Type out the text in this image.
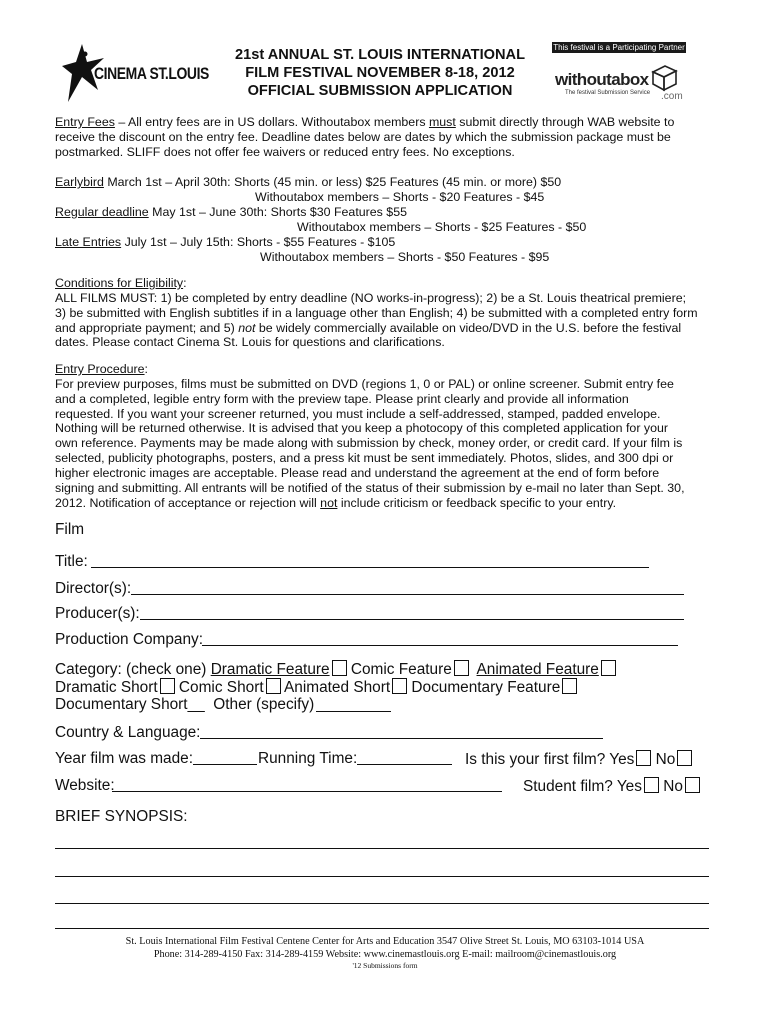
CINEMA ST.LOUIS
21st ANNUAL ST. LOUIS INTERNATIONAL
FILM FESTIVAL NOVEMBER 8-18, 2012
OFFICIAL SUBMISSION APPLICATION
This festival is a Participating Partner of
withoutabox
The festival Submission Service .com
Entry Fees – All entry fees are in US dollars. Withoutabox members must submit directly through WAB website to
receive the discount on the entry fee. Deadline dates below are dates by which the submission package must be
postmarked. SLIFF does not offer fee waivers or reduced entry fees. No exceptions.
Earlybird March 1st – April 30th: Shorts (45 min. or less) $25 Features (45 min. or more) $50
Withoutabox members – Shorts - $20 Features - $45
Regular deadline May 1st – June 30th: Shorts $30 Features $55
Withoutabox members – Shorts - $25 Features - $50
Late Entries July 1st – July 15th: Shorts - $55 Features - $105
Withoutabox members – Shorts - $50 Features - $95
Conditions for Eligibility:
ALL FILMS MUST: 1) be completed by entry deadline (NO works-in-progress); 2) be a St. Louis theatrical premiere;
3) be submitted with English subtitles if in a language other than English; 4) be submitted with a completed entry form
and appropriate payment; and 5) not be widely commercially available on video/DVD in the U.S. before the festival
dates. Please contact Cinema St. Louis for questions and clarifications.
Entry Procedure:
For preview purposes, films must be submitted on DVD (regions 1, 0 or PAL) or online screener. Submit entry fee
and a completed, legible entry form with the preview tape. Please print clearly and provide all information
requested. If you want your screener returned, you must include a self-addressed, stamped, padded envelope.
Nothing will be returned otherwise. It is advised that you keep a photocopy of this completed application for your
own reference. Payments may be made along with submission by check, money order, or credit card. If your film is
selected, publicity photographs, posters, and a press kit must be sent immediately. Photos, slides, and 300 dpi or
higher electronic images are acceptable. Please read and understand the agreement at the end of form before
signing and submitting. All entrants will be notified of the status of their submission by e-mail no later than Sept. 30,
2012. Notification of acceptance or rejection will not include criticism or feedback specific to your entry.
Film
Title:
Director(s):
Producer(s):
Production Company:
Category: (check one) Dramatic Feature Comic Feature Animated Feature
Dramatic Short Comic Short Animated Short Documentary Feature
Documentary Short__ Other (specify)
Country & Language:
Year film was made:	Running Time:	Is this your first film? Yes No
Website:	Student film? Yes No
BRIEF SYNOPSIS:
St. Louis International Film Festival Centene Center for Arts and Education 3547 Olive Street St. Louis, MO 63103-1014 USA
Phone: 314-289-4150 Fax: 314-289-4159 Website: www.cinemastlouis.org E-mail: mailroom@cinemastlouis.org
'12 Submissions form
